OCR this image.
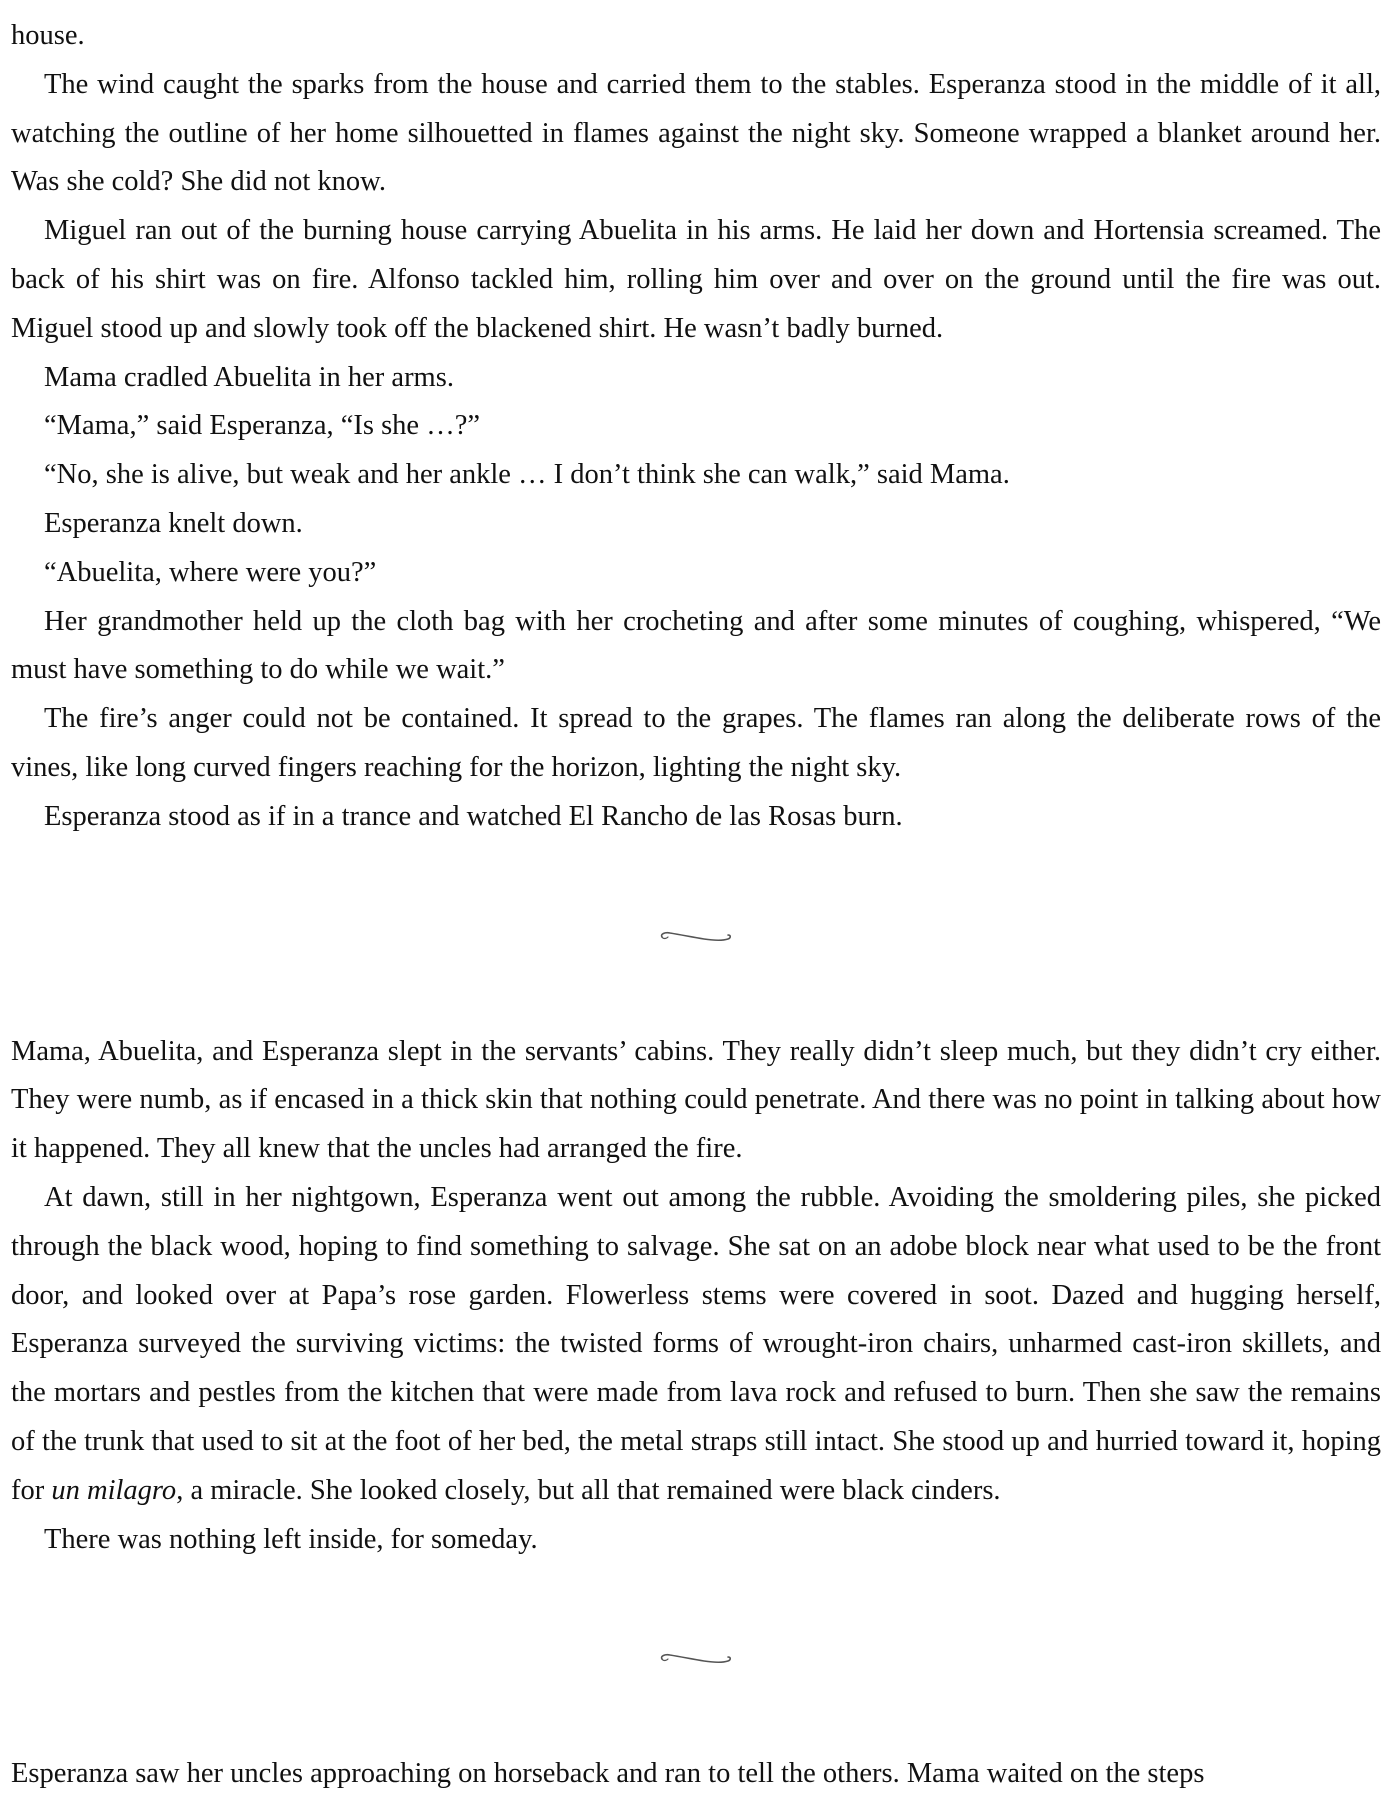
house.

The wind caught the sparks from the house and carried them to the stables. Esperanza stood in the middle of it all, watching the outline of her home silhouetted in flames against the night sky. Someone wrapped a blanket around her. Was she cold? She did not know.

Miguel ran out of the burning house carrying Abuelita in his arms. He laid her down and Hortensia screamed. The back of his shirt was on fire. Alfonso tackled him, rolling him over and over on the ground until the fire was out. Miguel stood up and slowly took off the blackened shirt. He wasn’t badly burned.

Mama cradled Abuelita in her arms.

“Mama,” said Esperanza, “Is she …?”

“No, she is alive, but weak and her ankle … I don’t think she can walk,” said Mama.

Esperanza knelt down.

“Abuelita, where were you?”

Her grandmother held up the cloth bag with her crocheting and after some minutes of coughing, whispered, “We must have something to do while we wait.”

The fire’s anger could not be contained. It spread to the grapes. The flames ran along the deliberate rows of the vines, like long curved fingers reaching for the horizon, lighting the night sky.

Esperanza stood as if in a trance and watched El Rancho de las Rosas burn.

Mama, Abuelita, and Esperanza slept in the servants’ cabins. They really didn’t sleep much, but they didn’t cry either. They were numb, as if encased in a thick skin that nothing could penetrate. And there was no point in talking about how it happened. They all knew that the uncles had arranged the fire.

At dawn, still in her nightgown, Esperanza went out among the rubble. Avoiding the smoldering piles, she picked through the black wood, hoping to find something to salvage. She sat on an adobe block near what used to be the front door, and looked over at Papa’s rose garden. Flowerless stems were covered in soot. Dazed and hugging herself, Esperanza surveyed the surviving victims: the twisted forms of wrought-iron chairs, unharmed cast-iron skillets, and the mortars and pestles from the kitchen that were made from lava rock and refused to burn. Then she saw the remains of the trunk that used to sit at the foot of her bed, the metal straps still intact. She stood up and hurried toward it, hoping for un milagro, a miracle. She looked closely, but all that remained were black cinders.

There was nothing left inside, for someday.

Esperanza saw her uncles approaching on horseback and ran to tell the others. Mama waited on the steps
